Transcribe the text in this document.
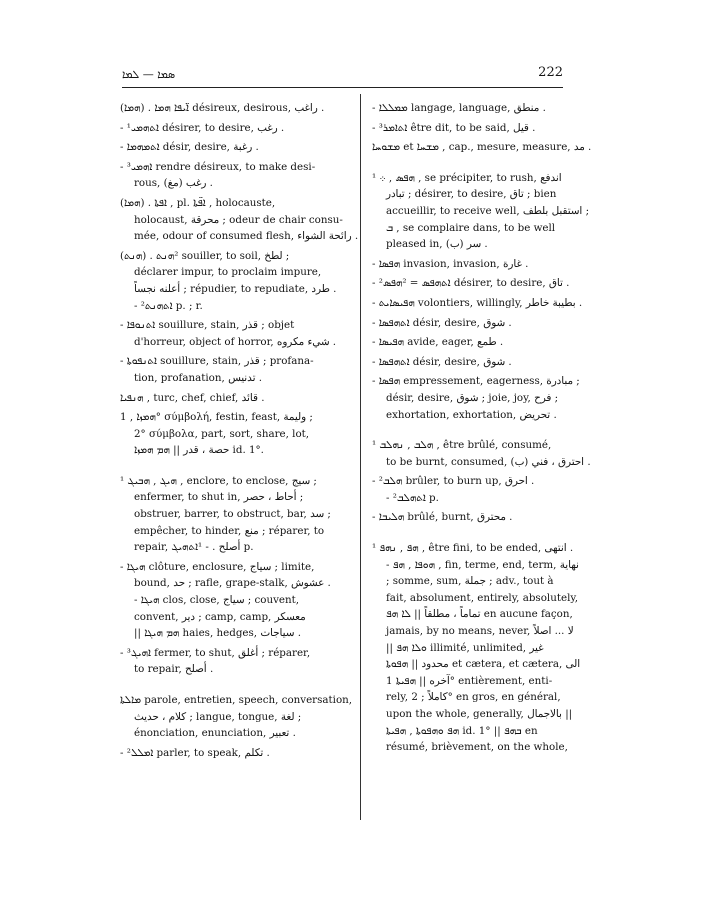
ܣܡܐ — ܠܡܐ	222
(ܗܡܐ) . ܐ̈ܝܦܐ ܗܡܐ désireux, desirous, راغب .
- ܐܬܗܡܝ¹ désirer, to desire, رغب .
- ܐܬܡܗܡܐ désir, desire, رغبة .
- ³ܐܗܡܝ rendre désireux, to make desi-
rous, (مغ) رغب .
(ܗܡܐ) . ܐܦܬܐ , pl. ܐܦ̈ܬܐ , holocauste,
holocaust, محرقة ; odeur de chair consu-
mée, odour of consumed flesh, رائحة الشواء .
(ܗܢܬ) . ²ܗܢܬ souiller, to soil, لطخ ;
déclarer impur, to proclaim impure,
أعلنه نجساً ; répudier, to repudiate, طرد .
- ²ܐܬܗܢܬ p. ; r.
- ܐܬܢܘܦܐ souillure, stain, قذر ; objet
d'horreur, object of horror, شيء مكروه .
- ܐܬܢܦܘܬܐ souillure, stain, قذر ; profana-
tion, profanation, تدنيس .
ܗܢܦܝܐ , turc, chef, chief, قائد .
ܗܡܙܐ , 1° σύμβολή, festin, feast, وليمة ;
2° σύμβολα, part, sort, share, lot,
حصة ، قدر || ܗܡ ܗܡܙܐ id. 1°.
¹ ܗܝܓ , ܗܒܝܓ , enclore, to enclose, سيج ;
enfermer, to shut in, أحاط ، حصر ;
obstruer, barrer, to obstruct, bar, سد ;
empêcher, to hinder, منع ; réparer, to
repair, أصلح . - ¹ܐܬܗܝܓ p.
- ܗܝܓܐ clôture, enclosure, سياج ; limite,
bound, حد ; rafle, grape-stalk, عشوش .
- ܗܝܓܐ clos, close, سياج ; couvent,
convent, دير ; camp, camp, معسكر
|| ܗܡ ܗܝܓܐ haies, hedges, سياجات .
- ³ܐܗܝܓ fermer, to shut, أغلق ; réparer,
to repair, أصلح .
ܡܐܠܬܐ parole, entretien, speech, conversation,
كلام ، حديث ; langue, tongue, لغة ;
énonciation, enunciation, تعبير .
- ²ܐܡܠܠ parler, to speak, تكلم .
- ܡܡܠܠܐ langage, language, منطق .
- ³ܐܬܐܡܪ être dit, to be said, قيل .
ܡܫܘܚܐ et ܡܫܚܐ , cap., mesure, measure, مد .
¹ ܗܦܣ , ܀ , se précipiter, to rush, اندفع
تبادر ; désirer, to desire, تاق ; bien
accueillir, to receive well, استقبل بلطف ;
ܒ , se complaire dans, to be well
pleased in, سر (ب) .
- ܗܦܣܐ invasion, invasion, غارة .
- ²ܐܬܗܦܣ = ²ܗܦܣ désirer, to desire, تاق .
- ܗܦܝܣܐܝܬ volontiers, willingly, بطيبة خاطر .
- ܐܬܗܦܣܐ désir, desire, شوق .
- ܗܦܝܣܐ avide, eager, طمع .
- ܐܬܗܦܣܐ désir, desire, شوق .
- ܗܦܣܐ empressement, eagerness, مبادرة ;
désir, desire, شوق ; joie, joy, فرح ;
exhortation, exhortation, تحريض .
¹ ܗܠܒ , ܢܗܠܒ , être brûlé, consumé,
to be burnt, consumed, احترق ، فني (ب) .
- ²ܗܠܒ brûler, to burn up, احرق .
- ²ܐܬܗܠܒ p.
- ܗܠܝܒܐ brûlé, burnt, محترق .
¹ ܗܦ , ܢܗܦ , être fini, to be ended, انتهى .
- ܗܘܦܐ , ܗܦ , fin, terme, end, term, نهاية
; somme, sum, جملة ; adv., tout à
fait, absolument, entirely, absolutely,
تماماً ، مطلقاً || ܠܐ ܗܦ en aucune façon,
jamais, by no means, never, لا ... اصلاً
|| ܘܠܐ ܗܦ illimité, unlimited, غير
محدود || ܗܦܘܬܐ et cætera, et cætera, الى
آخره || ܗܦܝܬܐ 1° entièrement, enti-
rely, كاملاً ; 2° en gros, en général,
upon the whole, generally, بالاجمال ||
ܗܦ ܘܗܦܘܬܐ , ܗܦܝܬܐ id. 1° || ܒܗܦ en
résumé, brièvement, on the whole,
